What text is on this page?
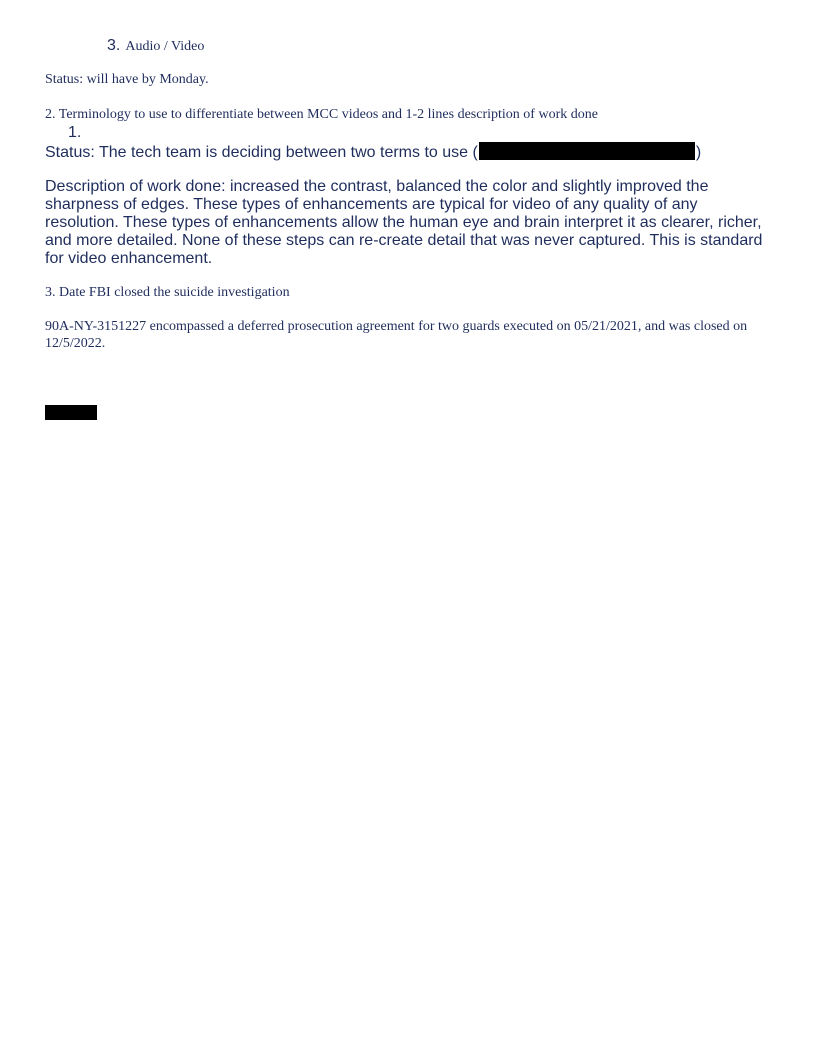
3. Audio / Video
Status: will have by Monday.
2. Terminology to use to differentiate between MCC videos and 1-2 lines description of work done
1.
Status: The tech team is deciding between two terms to use (	)
Description of work done: increased the contrast, balanced the color and slightly improved the sharpness of edges. These types of enhancements are typical for video of any quality of any resolution. These types of enhancements allow the human eye and brain interpret it as clearer, richer, and more detailed. None of these steps can re-create detail that was never captured. This is standard for video enhancement.
3. Date FBI closed the suicide investigation
90A-NY-3151227 encompassed a deferred prosecution agreement for two guards executed on 05/21/2021, and was closed on 12/5/2022.
